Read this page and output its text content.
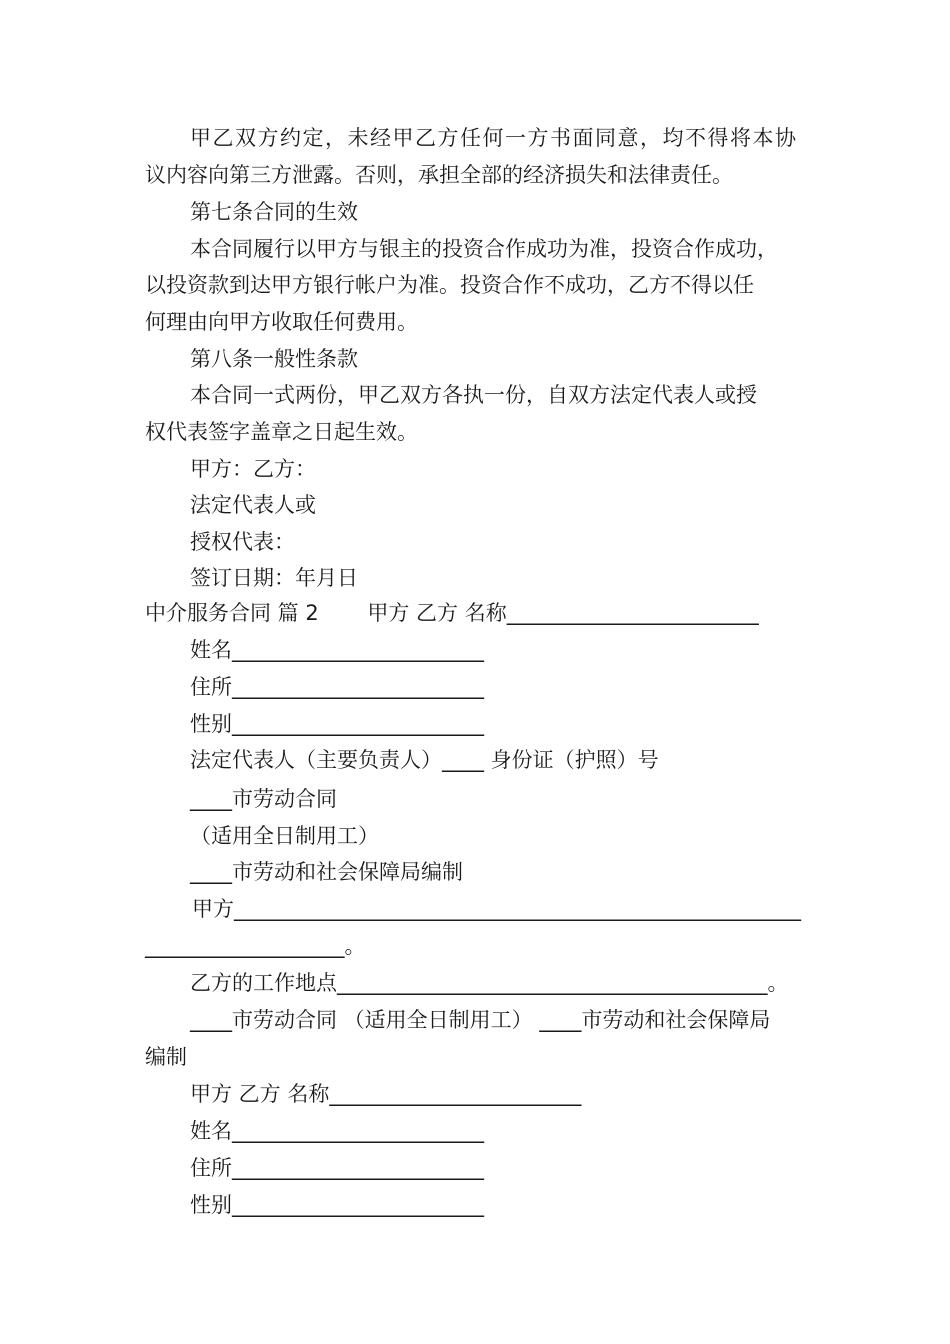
甲乙双方约定，未经甲乙方任何一方书面同意，均不得将本协
议内容向第三方泄露。否则，承担全部的经济损失和法律责任。
第七条合同的生效
本合同履行以甲方与银主的投资合作成功为准，投资合作成功，
以投资款到达甲方银行帐户为准。投资合作不成功，乙方不得以任
何理由向甲方收取任何费用。
第八条一般性条款
本合同一式两份，甲乙双方各执一份，自双方法定代表人或授
权代表签字盖章之日起生效。
甲方：乙方：
法定代表人或
授权代表：
签订日期：年月日
中介服务合同 篇 2 　　甲方 乙方 名称________________________
姓名________________________
住所________________________
性别________________________
法定代表人（主要负责人）____ 身份证（护照）号
____市劳动合同
（适用全日制用工）
____市劳动和社会保障局编制
甲方______________________________________________________
___________________。
乙方的工作地点_________________________________________。
____市劳动合同 （适用全日制用工） ____市劳动和社会保障局
编制
甲方 乙方 名称________________________
姓名________________________
住所________________________
性别________________________
